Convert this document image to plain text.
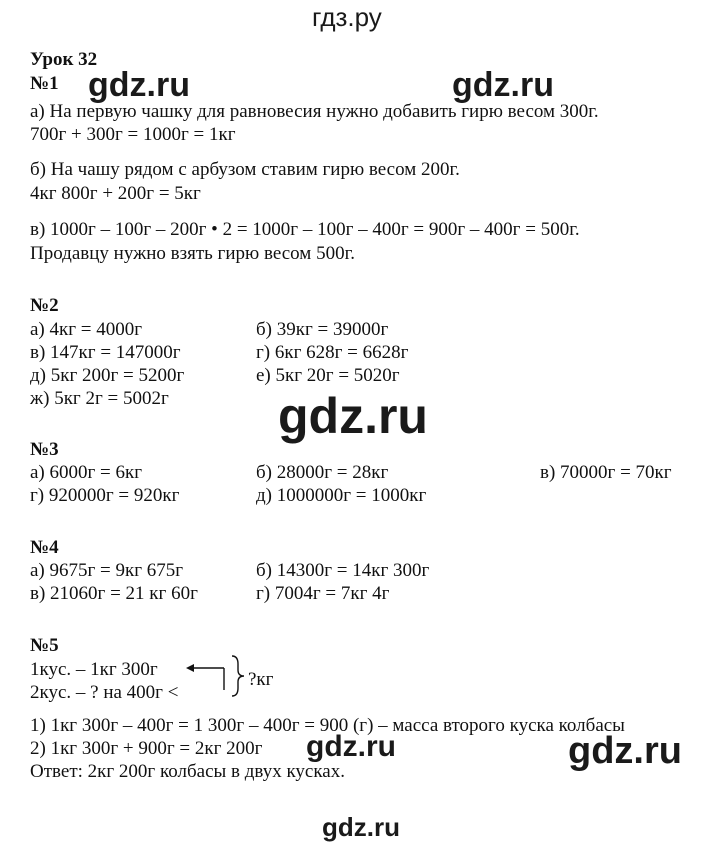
гдз.ру
gdz.ru	gdz.ru
gdz.ru
gdz.ru	gdz.ru
gdz.ru
Урок 32
№1
а) На первую чашку для равновесия нужно добавить гирю весом 300г.
700г + 300г = 1000г = 1кг
б) На чашу рядом с арбузом ставим гирю весом 200г.
4кг 800г + 200г = 5кг
в) 1000г – 100г – 200г • 2 = 1000г – 100г – 400г = 900г – 400г = 500г.
Продавцу нужно взять гирю весом 500г.
№2
а) 4кг = 4000г	б) 39кг = 39000г
в) 147кг = 147000г	г) 6кг 628г = 6628г
д) 5кг 200г = 5200г	е) 5кг 20г = 5020г
ж) 5кг 2г = 5002г
№3
а) 6000г = 6кг	б) 28000г = 28кг	в) 70000г = 70кг
г) 920000г = 920кг	д) 1000000г = 1000кг
№4
а) 9675г = 9кг 675г	б) 14300г = 14кг 300г
в) 21060г = 21 кг 60г	г) 7004г = 7кг 4г
№5
1кус. – 1кг 300г
2кус. – ? на 400г <
?кг
1) 1кг 300г – 400г = 1 300г – 400г = 900 (г) – масса второго куска колбасы
2) 1кг 300г + 900г = 2кг 200г
Ответ: 2кг 200г колбасы в двух кусках.
